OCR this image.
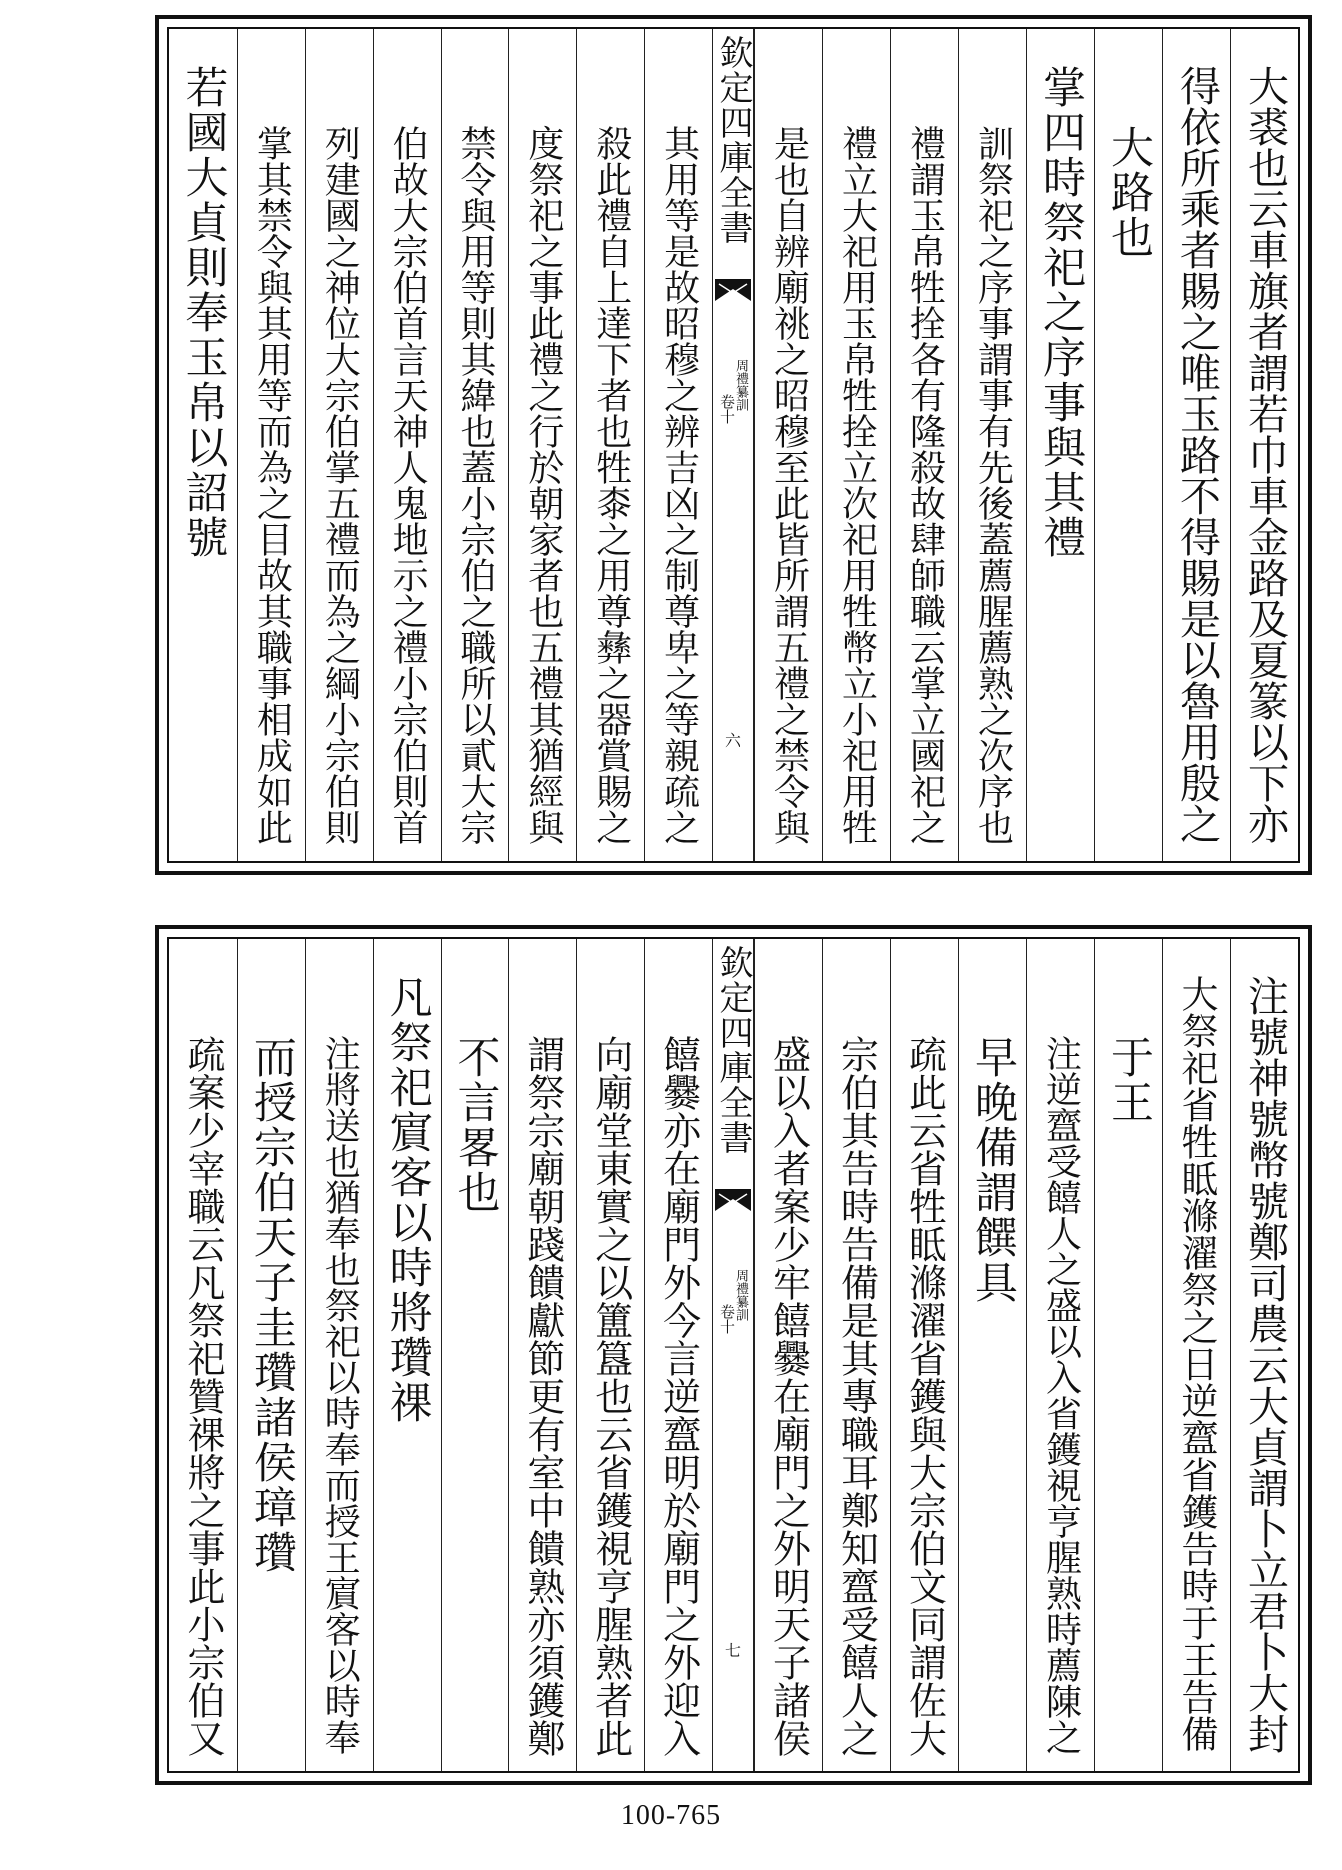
大裘也云車旗者謂若巾車金路及夏篆以下亦
得依所乘者賜之唯玉路不得賜是以魯用殷之
大路也
掌四時祭祀之序事與其禮
訓祭祀之序事謂事有先後蓋薦腥薦熟之次序也
禮謂玉帛牲拴各有隆殺故肆師職云掌立國祀之
禮立大祀用玉帛牲拴立次祀用牲幣立小祀用牲
是也自辨廟祧之昭穆至此皆所謂五禮之禁令與
欽定四庫全書
周禮纂訓
卷十
六
其用等是故昭穆之辨吉凶之制尊卑之等親疏之
殺此禮自上達下者也牲桼之用尊彝之器賞賜之
度祭祀之事此禮之行於朝家者也五禮其猶經與
禁令與用等則其緯也蓋小宗伯之職所以貳大宗
伯故大宗伯首言天神人鬼地示之禮小宗伯則首
列建國之神位大宗伯掌五禮而為之綱小宗伯則
掌其禁令與其用等而為之目故其職事相成如此
若國大貞則奉玉帛以詔號
注號神號幣號鄭司農云大貞謂卜立君卜大封
大祭祀省牲眡滌濯祭之日逆齍省鑊告時于王告備
于王
注逆齍受饎人之盛以入省鑊視亨腥熟時薦陳之
早晚備謂饌具
疏此云省牲眡滌濯省鑊與大宗伯文同謂佐大
宗伯其告時告備是其專職耳鄭知齍受饎人之
盛以入者案少牢饎爨在廟門之外明天子諸侯
欽定四庫全書
周禮纂訓
卷十
七
饎爨亦在廟門外今言逆齍明於廟門之外迎入
向廟堂東實之以簠簋也云省鑊視亨腥熟者此
謂祭宗廟朝踐饋獻節更有室中饋熟亦須鑊鄭
不言畧也
凡祭祀賔客以時將瓚祼
注將送也猶奉也祭祀以時奉而授王賔客以時奉
而授宗伯天子圭瓚諸侯璋瓚
疏案少宰職云凡祭祀贊祼將之事此小宗伯又
100-765
